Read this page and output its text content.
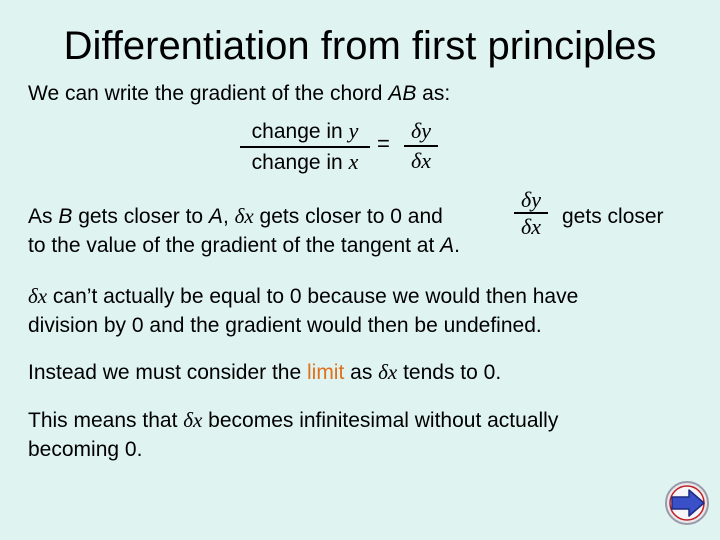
Differentiation from first principles
We can write the gradient of the chord AB as:
change in y
change in x
=
δy
δx
As B gets closer to A, δx gets closer to 0 and
δy
δx	gets closer
to the value of the gradient of the tangent at A.
δx can’t actually be equal to 0 because we would then have
division by 0 and the gradient would then be undefined.
Instead we must consider the limit as δx tends to 0.
This means that δx becomes infinitesimal without actually
becoming 0.
